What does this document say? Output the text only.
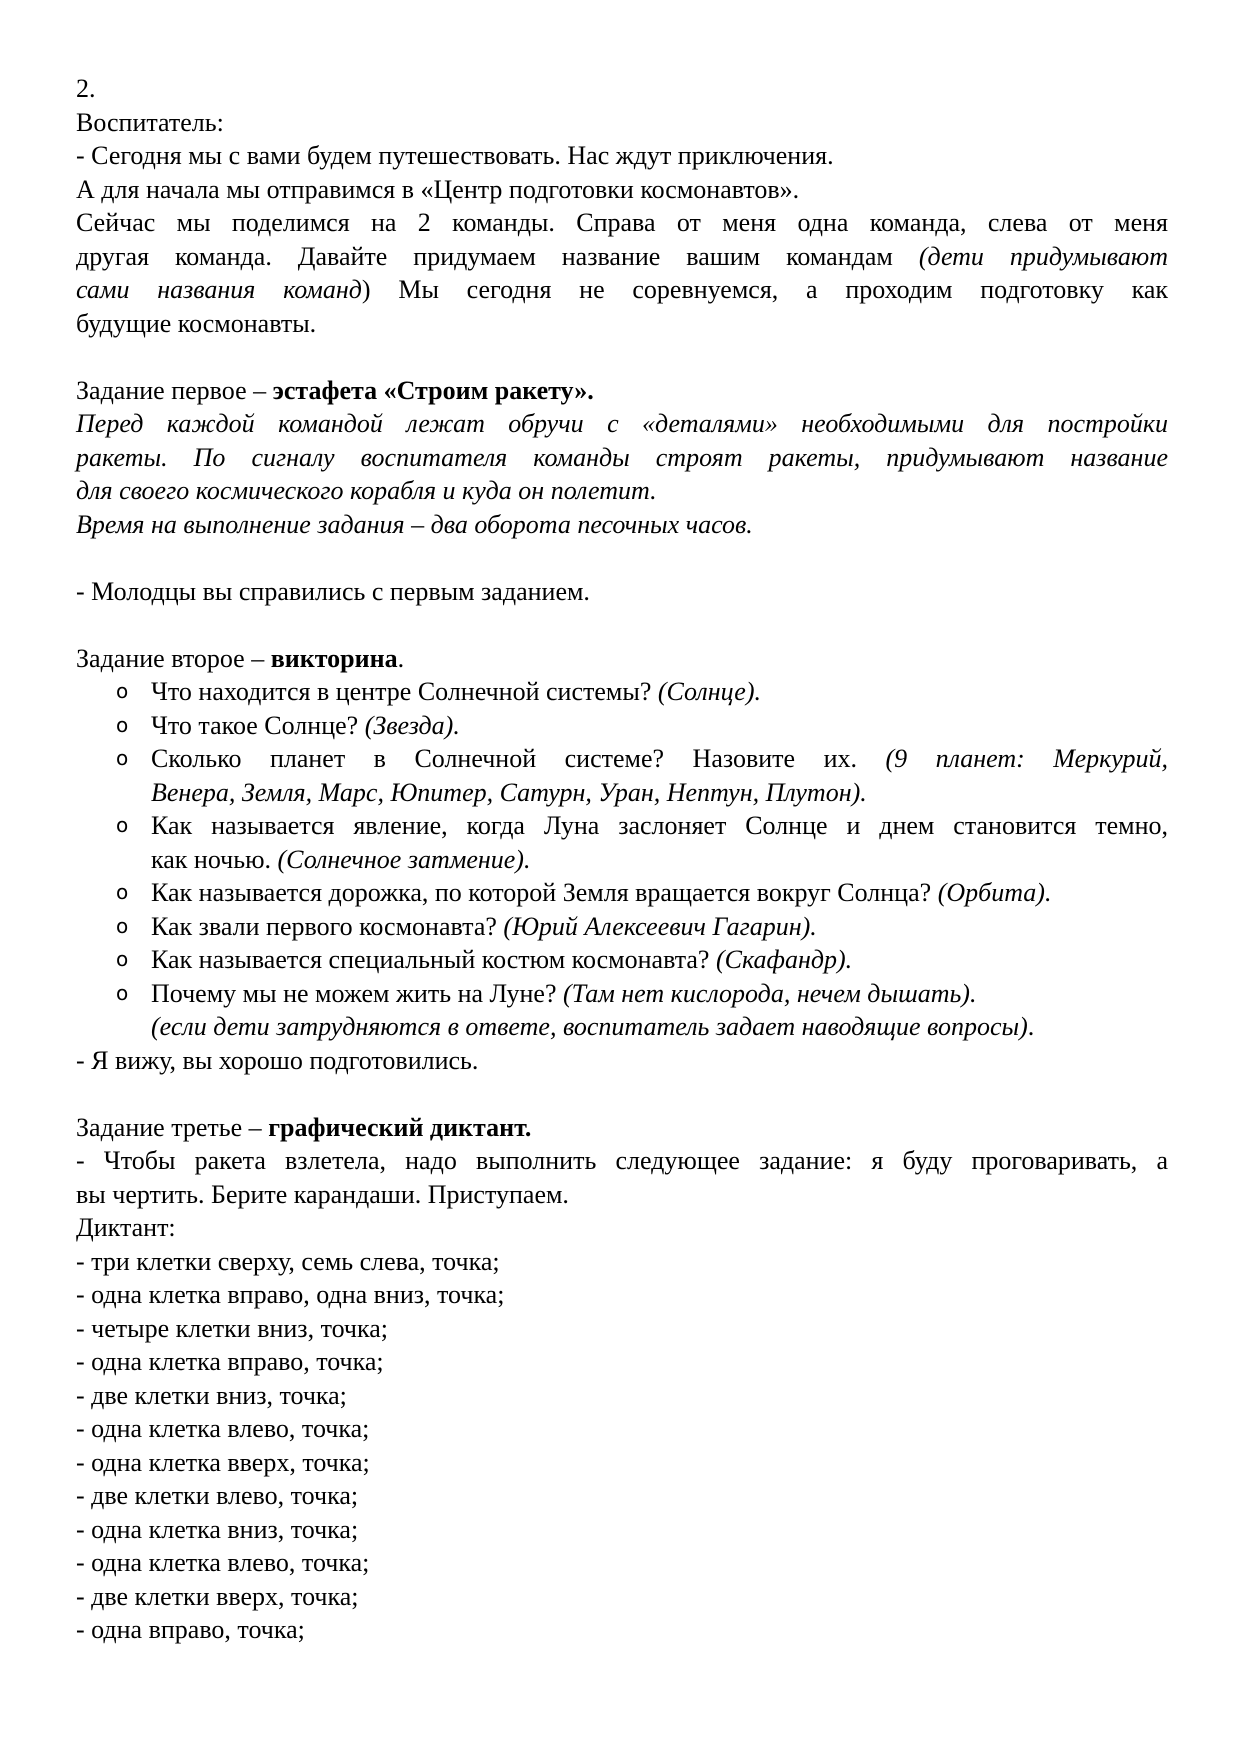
2.
Воспитатель:
- Сегодня мы с вами будем путешествовать. Нас ждут приключения.
А для начала мы отправимся в «Центр подготовки космонавтов».
Сейчас мы поделимся на 2 команды. Справа от меня одна команда, слева от меня
другая команда. Давайте придумаем название вашим командам (дети придумывают
сами названия команд) Мы сегодня не соревнуемся, а проходим подготовку как
будущие космонавты.
Задание первое – эстафета «Строим ракету».
Перед каждой командой лежат обручи с «деталями» необходимыми для постройки
ракеты. По сигналу воспитателя команды строят ракеты, придумывают название
для своего космического корабля и куда он полетит.
Время на выполнение задания – два оборота песочных часов.
- Молодцы вы справились с первым заданием.
Задание второе – викторина.
o Что находится в центре Солнечной системы? (Солнце).
o Что такое Солнце? (Звезда).
o Сколько планет в Солнечной системе? Назовите их. (9 планет: Меркурий,
Венера, Земля, Марс, Юпитер, Сатурн, Уран, Нептун, Плутон).
o Как называется явление, когда Луна заслоняет Солнце и днем становится темно,
как ночью. (Солнечное затмение).
o Как называется дорожка, по которой Земля вращается вокруг Солнца? (Орбита).
o Как звали первого космонавта? (Юрий Алексеевич Гагарин).
o Как называется специальный костюм космонавта? (Скафандр).
o Почему мы не можем жить на Луне? (Там нет кислорода, нечем дышать).
(если дети затрудняются в ответе, воспитатель задает наводящие вопросы).
- Я вижу, вы хорошо подготовились.
Задание третье – графический диктант.
- Чтобы ракета взлетела, надо выполнить следующее задание: я буду проговаривать, а
вы чертить. Берите карандаши. Приступаем.
Диктант:
- три клетки сверху, семь слева, точка;
- одна клетка вправо, одна вниз, точка;
- четыре клетки вниз, точка;
- одна клетка вправо, точка;
- две клетки вниз, точка;
- одна клетка влево, точка;
- одна клетка вверх, точка;
- две клетки влево, точка;
- одна клетка вниз, точка;
- одна клетка влево, точка;
- две клетки вверх, точка;
- одна вправо, точка;
